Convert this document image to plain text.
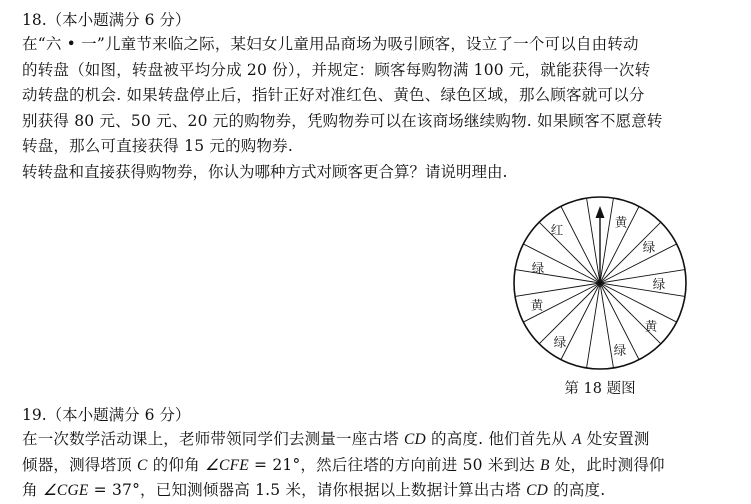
18.（本小题满分 6 分）
在“六 • 一”儿童节来临之际，某妇女儿童用品商场为吸引顾客，设立了一个可以自由转动
的转盘（如图，转盘被平均分成 20 份），并规定：顾客每购物满 100 元，就能获得一次转
动转盘的机会. 如果转盘停止后，指针正好对准红色、黄色、绿色区域，那么顾客就可以分
别获得 80 元、50 元、20 元的购物券，凭购物券可以在该商场继续购物. 如果顾客不愿意转
转盘，那么可直接获得 15 元的购物券.
转转盘和直接获得购物券，你认为哪种方式对顾客更合算？请说明理由.
红
黄
绿
绿
绿
黄
黄
绿
绿
第 18 题图
19.（本小题满分 6 分）
在一次数学活动课上，老师带领同学们去测量一座古塔 CD 的高度. 他们首先从 A 处安置测
倾器，测得塔顶 C 的仰角 ∠CFE = 21°，然后往塔的方向前进 50 米到达 B 处，此时测得仰
角 ∠CGE = 37°，已知测倾器高 1.5 米，请你根据以上数据计算出古塔 CD 的高度.
